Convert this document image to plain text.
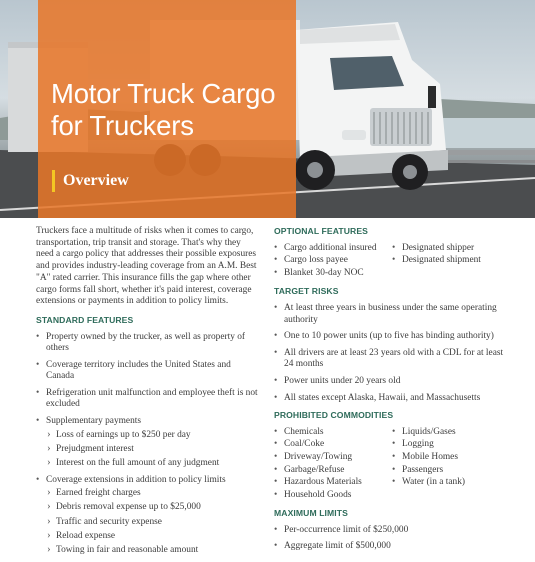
Motor Truck Cargo
for Truckers
Overview

Truckers face a multitude of risks when it comes to cargo, transportation, trip transit and storage. That's why they need a cargo policy that addresses their possible exposures and provides industry-leading coverage from an A.M. Best "A" rated carrier. This insurance fills the gap where other cargo forms fall short, whether it's paid interest, coverage extensions or payments in addition to policy limits.

STANDARD FEATURES
• Property owned by the trucker, as well as property of others
• Coverage territory includes the United States and Canada
• Refrigeration unit malfunction and employee theft is not excluded
• Supplementary payments
› Loss of earnings up to $250 per day
› Prejudgment interest
› Interest on the full amount of any judgment
• Coverage extensions in addition to policy limits
› Earned freight charges
› Debris removal expense up to $25,000
› Traffic and security expense
› Reload expense
› Towing in fair and reasonable amount
OPTIONAL FEATURES
• Cargo additional insured
• Cargo loss payee
• Blanket 30-day NOC
• Designated shipper
• Designated shipment
TARGET RISKS
• At least three years in business under the same operating authority
• One to 10 power units (up to five has binding authority)
• All drivers are at least 23 years old with a CDL for at least 24 months
• Power units under 20 years old
• All states except Alaska, Hawaii, and Massachusetts
PROHIBITED COMMODITIES
• Chemicals
• Coal/Coke
• Driveway/Towing
• Garbage/Refuse
• Hazardous Materials
• Household Goods
• Liquids/Gases
• Logging
• Mobile Homes
• Passengers
• Water (in a tank)
MAXIMUM LIMITS
• Per-occurrence limit of $250,000
• Aggregate limit of $500,000
